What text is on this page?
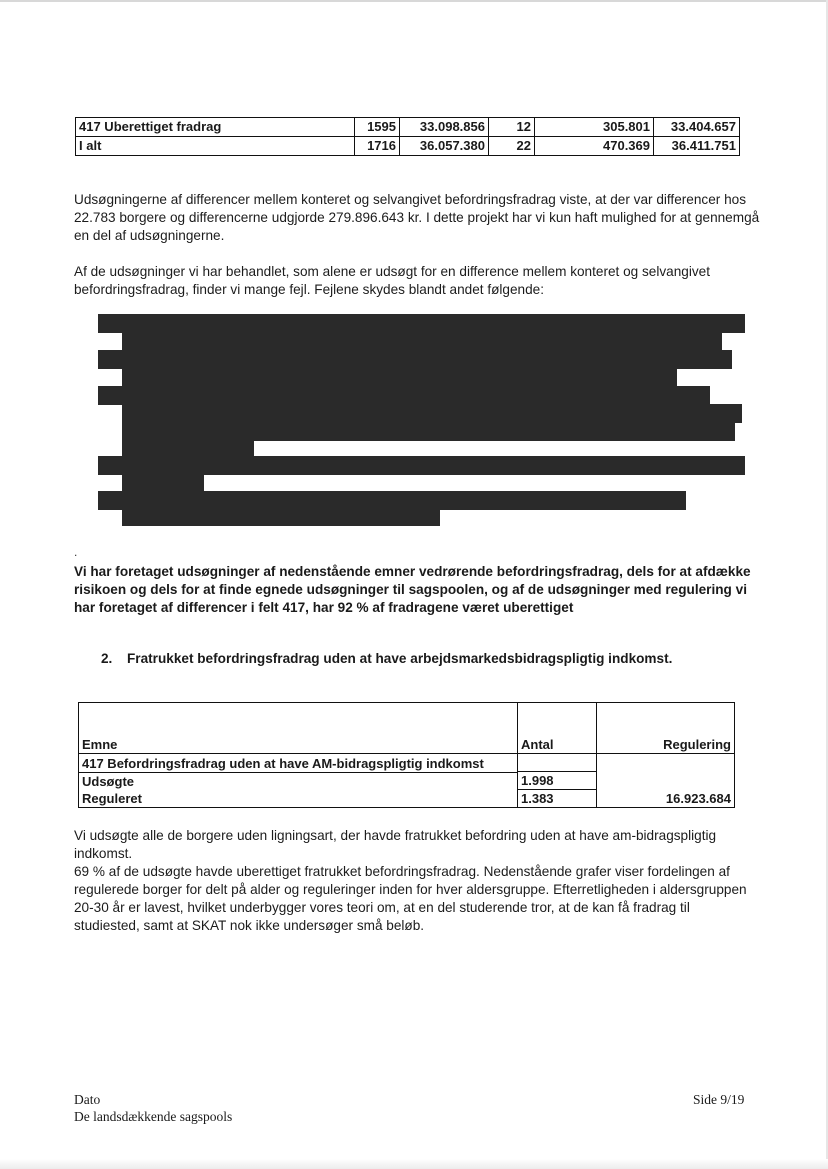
417 Uberettiget fradrag	1595	33.098.856	12	305.801	33.404.657
I alt	1716	36.057.380	22	470.369	36.411.751
Udsøgningerne af differencer mellem konteret og selvangivet befordringsfradrag viste, at der var differencer hos 22.783 borgere og differencerne udgjorde 279.896.643 kr. I dette projekt har vi kun haft mulighed for at gennemgå en del af udsøgningerne.
Af de udsøgninger vi har behandlet, som alene er udsøgt for en difference mellem konteret og selvangivet befordringsfradrag, finder vi mange fejl. Fejlene skydes blandt andet følgende:
.
Vi har foretaget udsøgninger af nedenstående emner vedrørende befordringsfradrag, dels for at afdække risikoen og dels for at finde egnede udsøgninger til sagspoolen, og af de udsøgninger med regulering vi har foretaget af differencer i felt 417, har 92 % af fradragene været uberettiget
2. Fratrukket befordringsfradrag uden at have arbejdsmarkedsbidragspligtig indkomst.
Emne	Antal	Regulering

417 Befordringsfradrag uden at have AM-bidragspligtig indkomst
Udsøgte	1.998	

Reguleret	1.383	16.923.684
Vi udsøgte alle de borgere uden ligningsart, der havde fratrukket befordring uden at have am-bidragspligtig indkomst.
69 % af de udsøgte havde uberettiget fratrukket befordringsfradrag. Nedenstående grafer viser fordelingen af regulerede borger for delt på alder og reguleringer inden for hver aldersgruppe. Efterretligheden i aldersgruppen 20-30 år er lavest, hvilket underbygger vores teori om, at en del studerende tror, at de kan få fradrag til studiested, samt at SKAT nok ikke undersøger små beløb.
Dato
De landsdækkende sagspools
Side 9/19
